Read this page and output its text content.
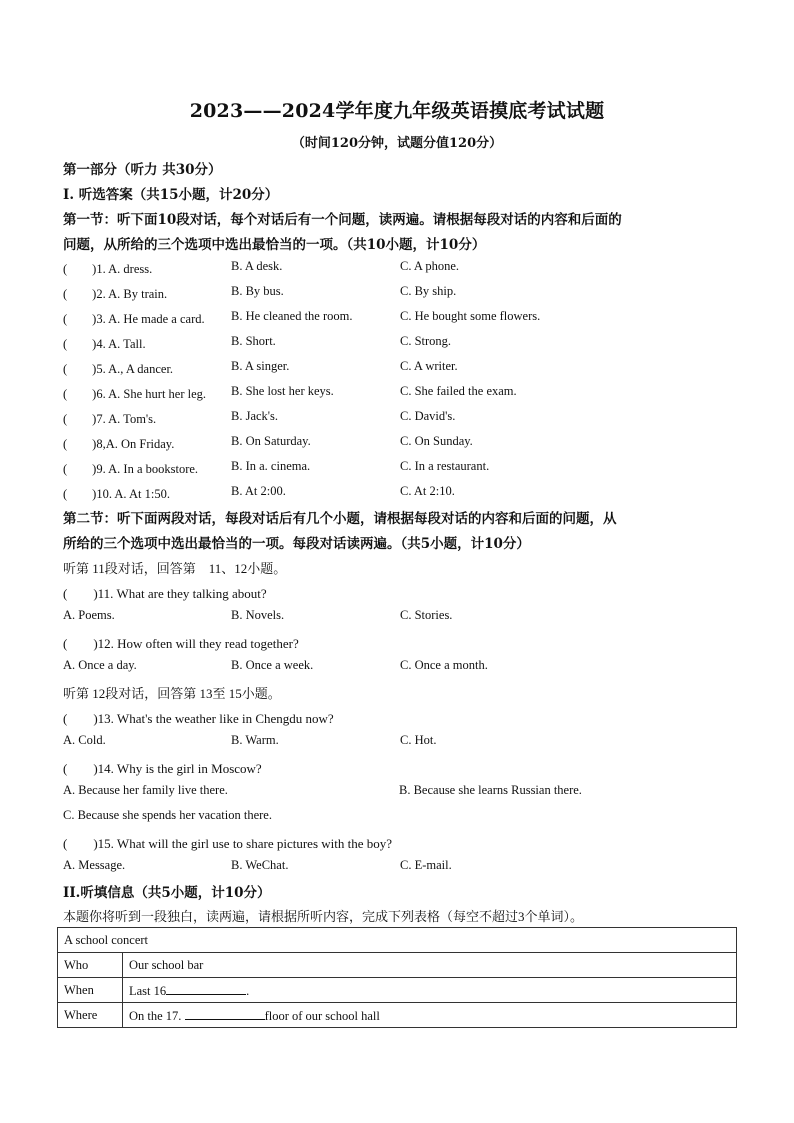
2023——2024学年度九年级英语摸底考试试题
（时间120分钟，试题分值120分）
第一部分（听力 共30分）
I. 听选答案（共15小题，计20分）
第一节：听下面10段对话，每个对话后有一个问题，读两遍。请根据每段对话的内容和后面的
问题，从所给的三个选项中选出最恰当的一项。（共10小题，计10分）
(　　)1. A. dress.	B. A desk.	C. A phone.
(　　)2. A. By train.	B. By bus.	C. By ship.
(　　)3. A. He made a card. B. He cleaned the room.	C. He bought some flowers.
(　　)4. A. Tall.	B. Short.	C. Strong.
(　　)5. A., A dancer.	B. A singer.	C. A writer.
(　　)6. A. She hurt her leg. B. She lost her keys.	C. She failed the exam.
(　　)7. A. Tom's.	B. Jack's.	C. David's.
(　　)8,A. On Friday.	B. On Saturday.	C. On Sunday.
(　　)9. A. In a bookstore.	B. In a. cinema.	C. In a restaurant.
(　　)10. A. At 1:50.	B. At 2:00.	C. At 2:10.
第二节：听下面两段对话，每段对话后有几个小题，请根据每段对话的内容和后面的问题，从
所给的三个选项中选出最恰当的一项。每段对话读两遍。（共5小题，计10分）
听第 11段对话，回答第　11、12小题。
(　　)11. What are they talking about?
A. Poems.	B. Novels.	C. Stories.
(　　)12. How often will they read together?
A. Once a day.	B. Once a week.	C. Once a month.
听第 12段对话，回答第 13至 15小题。
(　　)13. What's the weather like in Chengdu now?
A. Cold.	B. Warm.	C. Hot.
(　　)14. Why is the girl in Moscow?
A. Because her family live there.	B. Because she learns Russian there.
C. Because she spends her vacation there.
(　　)15. What will the girl use to share pictures with the boy?
A. Message.	B. WeChat.	C. E-mail.
II.听填信息（共5小题，计10分）
本题你将听到一段独白，读两遍，请根据所听内容，完成下列表格（每空不超过3个单词）。
A school concert	
Who	Our school bar
When	Last 16 .
Where	On the 17. floor of our school hall
